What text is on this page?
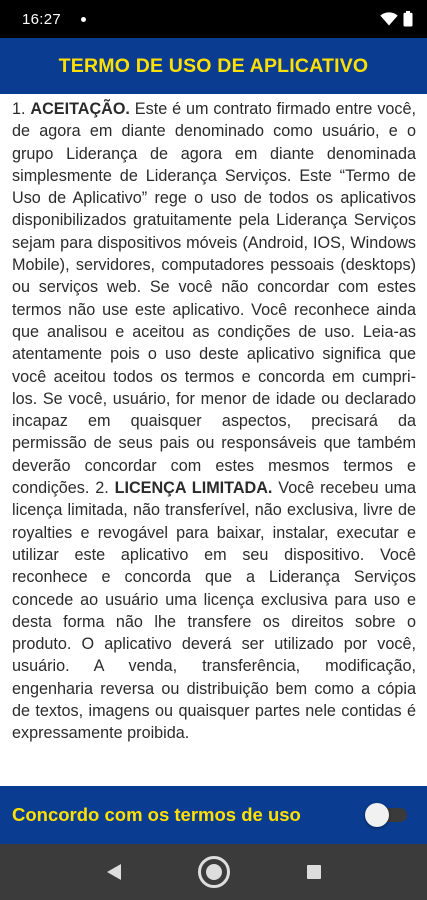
16:27
TERMO DE USO DE APLICATIVO

1. ACEITAÇÃO. Este é um contrato firmado entre você, de agora em diante denominado como usuário, e o grupo Liderança de agora em diante denominada simplesmente de Liderança Serviços. Este “Termo de Uso de Aplicativo” rege o uso de todos os aplicativos disponibilizados gratuitamente pela Liderança Serviços sejam para dispositivos móveis (Android, IOS, Windows Mobile), servidores, computadores pessoais (desktops) ou serviços web. Se você não concordar com estes termos não use este aplicativo. Você reconhece ainda que analisou e aceitou as condições de uso. Leia-as atentamente pois o uso deste aplicativo significa que você aceitou todos os termos e concorda em cumpri-los. Se você, usuário, for menor de idade ou declarado incapaz em quaisquer aspectos, precisará da permissão de seus pais ou responsáveis que também deverão concordar com estes mesmos termos e condições. 2. LICENÇA LIMITADA. Você recebeu uma licença limitada, não transferível, não exclusiva, livre de royalties e revogável para baixar, instalar, executar e utilizar este aplicativo em seu dispositivo. Você reconhece e concorda que a Liderança Serviços concede ao usuário uma licença exclusiva para uso e desta forma não lhe transfere os direitos sobre o produto. O aplicativo deverá ser utilizado por você, usuário. A venda, transferência, modificação, engenharia reversa ou distribuição bem como a cópia de textos, imagens ou quaisquer partes nele contidas é expressamente proibida.

Concordo com os termos de uso
